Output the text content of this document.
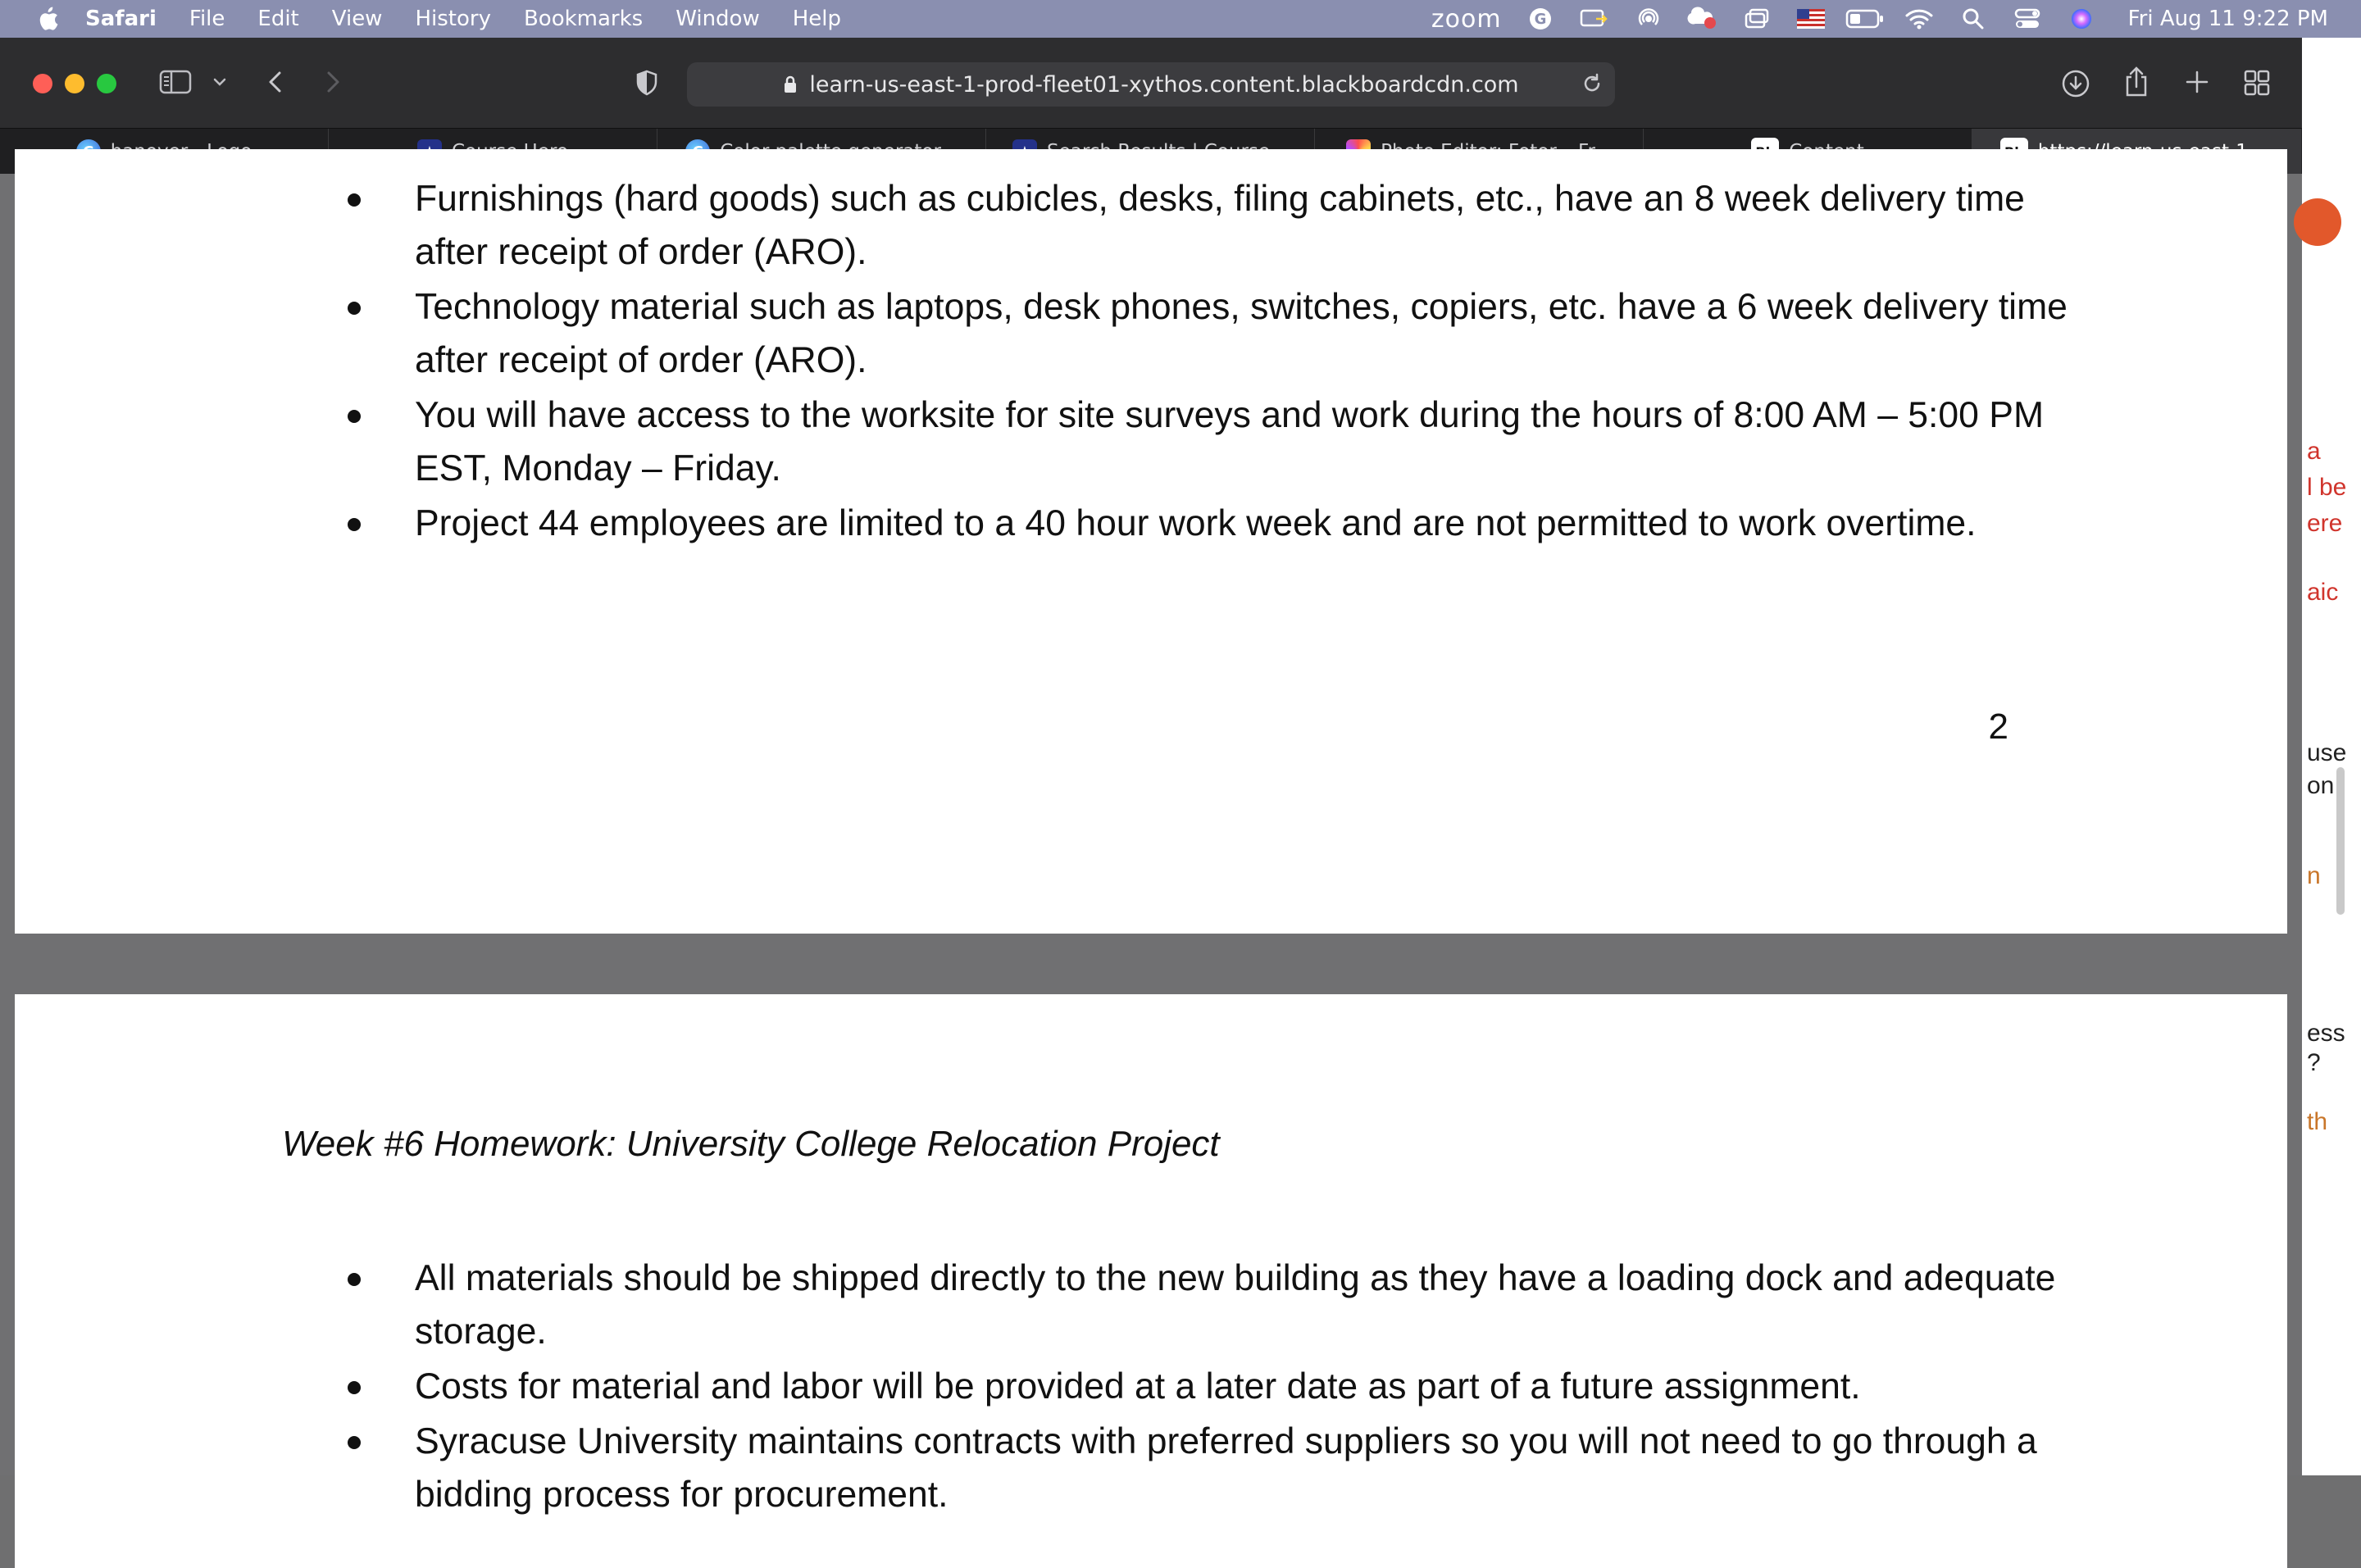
Safari File Edit View History Bookmarks Window Help	zoom G	Fri Aug 11 9:22 PM
learn-us-east-1-prod-fleet01-xythos.content.blackboardcdn.com
Furnishings (hard goods) such as cubicles, desks, filing cabinets, etc., have an 8 week delivery time after receipt of order (ARO).
Technology material such as laptops, desk phones, switches, copiers, etc. have a 6 week delivery time after receipt of order (ARO).
You will have access to the worksite for site surveys and work during the hours of 8:00 AM – 5:00 PM EST, Monday – Friday.
Project 44 employees are limited to a 40 hour work week and are not permitted to work overtime.
2
Week #6 Homework: University College Relocation Project
All materials should be shipped directly to the new building as they have a loading dock and adequate storage.
Costs for material and labor will be provided at a later date as part of a future assignment.
Syracuse University maintains contracts with preferred suppliers so you will not need to go through a bidding process for procurement.
a
l be
ere
aic
use
on
n
ess
?
th
